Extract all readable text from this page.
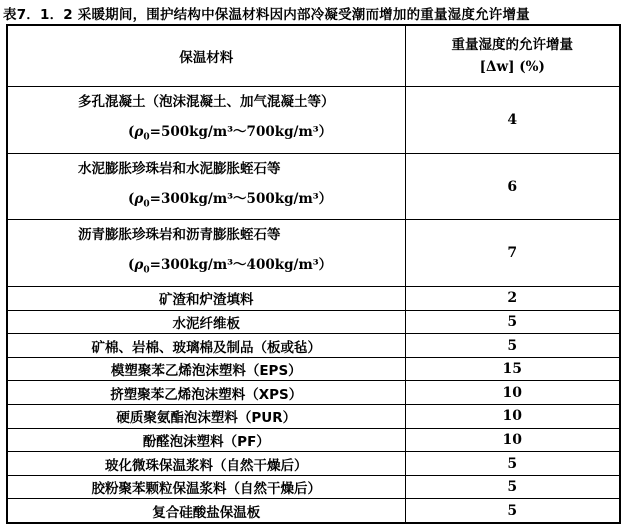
表7．1．2 采暖期间，围护结构中保温材料因内部冷凝受潮而增加的重量湿度允许增量
保温材料	重量湿度的允许增量
[Δw] (%)

多孔混凝土（泡沫混凝土、加气混凝土等）
$(\rho_0=500kg/m^3\sim 700kg/m^3)$	4

水泥膨胀珍珠岩和水泥膨胀蛭石等
$(\rho_0=300kg/m^3\sim 500kg/m^3)$	6

沥青膨胀珍珠岩和沥青膨胀蛭石等
$(\rho_0=300kg/m^3\sim 400kg/m^3)$	7
矿渣和炉渣填料	2
水泥纤维板	5
矿棉、岩棉、玻璃棉及制品（板或毡）	5
模塑聚苯乙烯泡沫塑料（EPS）	15
挤塑聚苯乙烯泡沫塑料（XPS）	10
硬质聚氨酯泡沫塑料（PUR）	10
酚醛泡沫塑料（PF）	10
玻化微珠保温浆料（自然干燥后）	5
胶粉聚苯颗粒保温浆料（自然干燥后）	5
复合硅酸盐保温板	5
